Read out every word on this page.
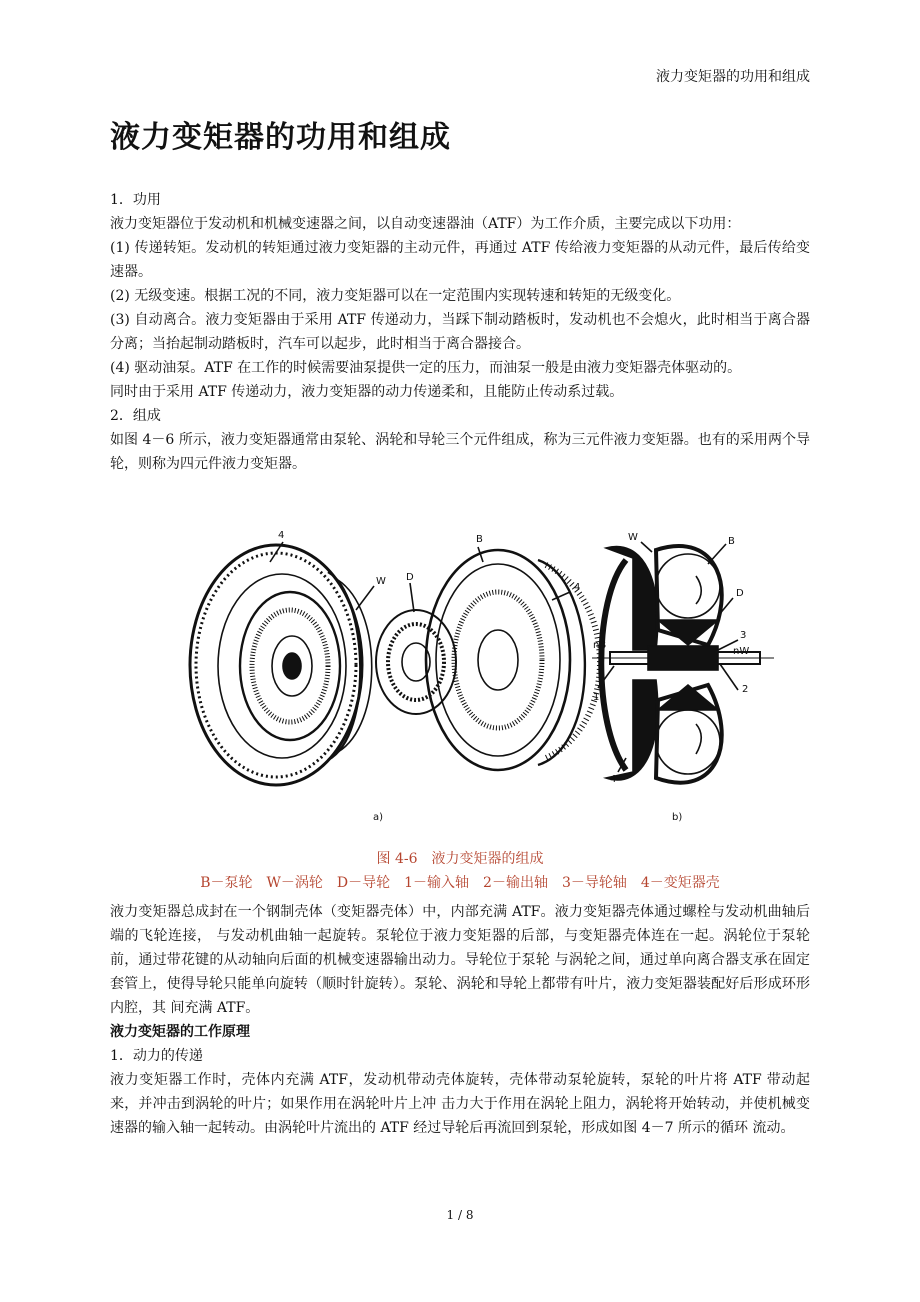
液力变矩器的功用和组成
液力变矩器的功用和组成

1．功用

液力变矩器位于发动机和机械变速器之间，以自动变速器油（ATF）为工作介质，主要完成以下功用：

(1) 传递转矩。发动机的转矩通过液力变矩器的主动元件，再通过 ATF 传给液力变矩器的从动元件，最后传给变速器。

(2) 无级变速。根据工况的不同，液力变矩器可以在一定范围内实现转速和转矩的无级变化。

(3) 自动离合。液力变矩器由于采用 ATF 传递动力，当踩下制动踏板时，发动机也不会熄火，此时相当于离合器分离；当抬起制动踏板时，汽车可以起步，此时相当于离合器接合。

(4) 驱动油泵。ATF 在工作的时候需要油泵提供一定的压力，而油泵一般是由液力变矩器壳体驱动的。

同时由于采用 ATF 传递动力，液力变矩器的动力传递柔和，且能防止传动系过载。

2．组成

如图 4－6 所示，液力变矩器通常由泵轮、涡轮和导轮三个元件组成，称为三元件液力变矩器。也有的采用两个导轮，则称为四元件液力变矩器。

4
W D
B
4
a)
W	B
D
3
nB
nW
1
2
4
b)
图 4-6　液力变矩器的组成
B－泵轮　W－涡轮　D－导轮　1－输入轴　2－输出轴　3－导轮轴　4－变矩器壳

液力变矩器总成封在一个钢制壳体（变矩器壳体）中，内部充满 ATF。液力变矩器壳体通过螺栓与发动机曲轴后端的飞轮连接， 与发动机曲轴一起旋转。泵轮位于液力变矩器的后部，与变矩器壳体连在一起。涡轮位于泵轮前，通过带花键的从动轴向后面的机械变速器输出动力。导轮位于泵轮 与涡轮之间，通过单向离合器支承在固定套管上，使得导轮只能单向旋转（顺时针旋转）。泵轮、涡轮和导轮上都带有叶片，液力变矩器装配好后形成环形内腔，其 间充满 ATF。

液力变矩器的工作原理

1．动力的传递

液力变矩器工作时，壳体内充满 ATF，发动机带动壳体旋转，壳体带动泵轮旋转，泵轮的叶片将 ATF 带动起来，并冲击到涡轮的叶片；如果作用在涡轮叶片上冲 击力大于作用在涡轮上阻力，涡轮将开始转动，并使机械变速器的输入轴一起转动。由涡轮叶片流出的 ATF 经过导轮后再流回到泵轮，形成如图 4－7 所示的循环 流动。

1 / 8
